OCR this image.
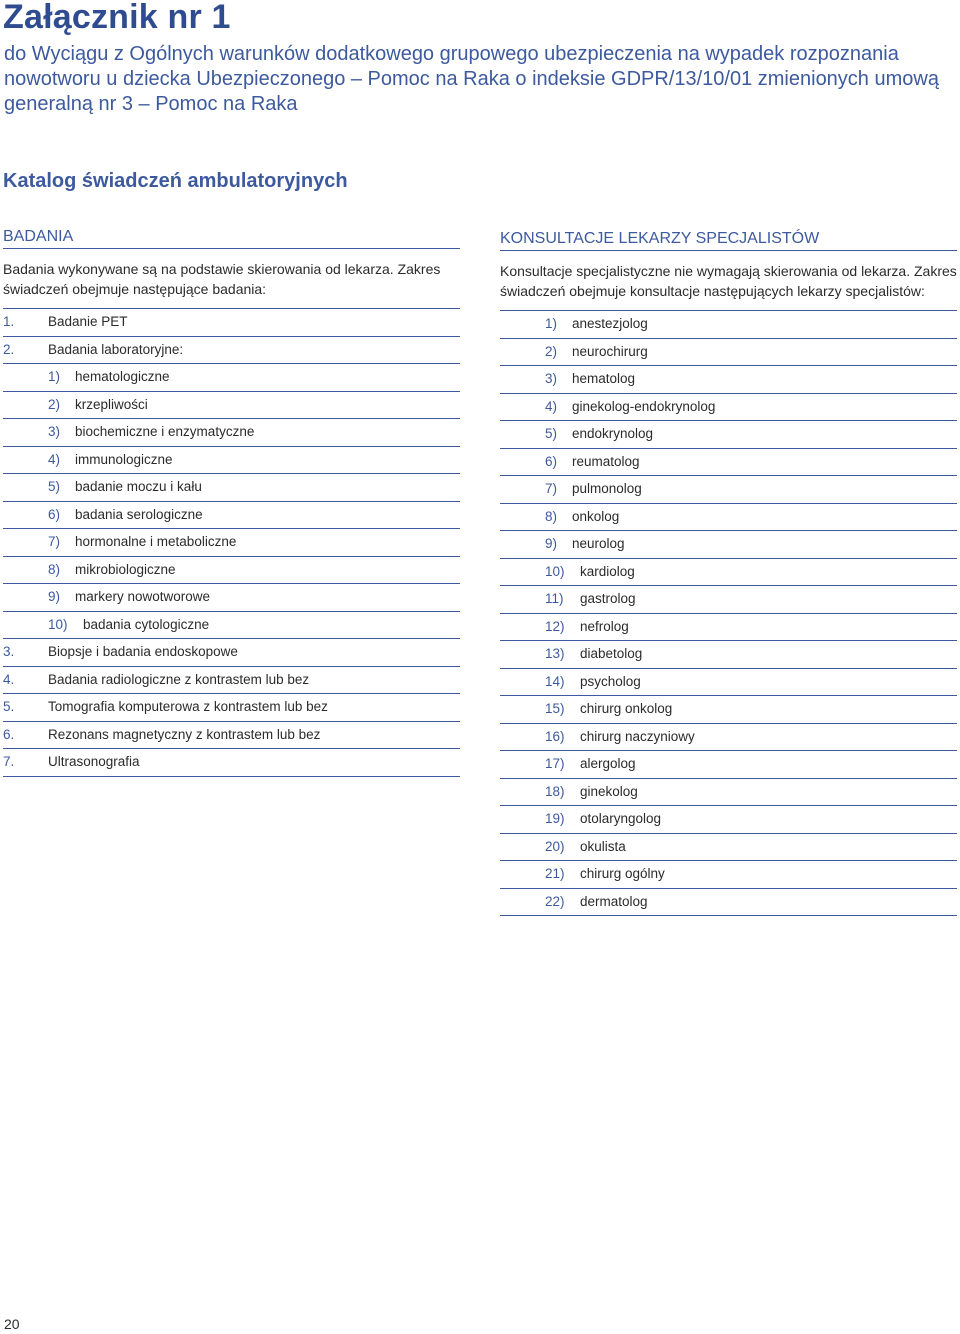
Załącznik nr 1
do Wyciągu z Ogólnych warunków dodatkowego grupowego ubezpieczenia na wypadek rozpoznania nowotworu u dziecka Ubezpieczonego – Pomoc na Raka o indeksie GDPR/13/10/01 zmienionych umową generalną nr 3 – Pomoc na Raka
Katalog świadczeń ambulatoryjnych
BADANIA
Badania wykonywane są na podstawie skierowania od lekarza. Zakres świadczeń obejmuje następujące badania:
1. Badanie PET
2. Badania laboratoryjne:
1) hematologiczne
2) krzepliwości
3) biochemiczne i enzymatyczne
4) immunologiczne
5) badanie moczu i kału
6) badania serologiczne
7) hormonalne i metaboliczne
8) mikrobiologiczne
9) markery nowotworowe
10) badania cytologiczne
3. Biopsje i badania endoskopowe
4. Badania radiologiczne z kontrastem lub bez
5. Tomografia komputerowa z kontrastem lub bez
6. Rezonans magnetyczny z kontrastem lub bez
7. Ultrasonografia
KONSULTACJE LEKARZY SPECJALISTÓW
Konsultacje specjalistyczne nie wymagają skierowania od lekarza. Zakres świadczeń obejmuje konsultacje następujących lekarzy specjalistów:
1) anestezjolog
2) neurochirurg
3) hematolog
4) ginekolog-endokrynolog
5) endokrynolog
6) reumatolog
7) pulmonolog
8) onkolog
9) neurolog
10) kardiolog
11) gastrolog
12) nefrolog
13) diabetolog
14) psycholog
15) chirurg onkolog
16) chirurg naczyniowy
17) alergolog
18) ginekolog
19) otolaryngolog
20) okulista
21) chirurg ogólny
22) dermatolog
20
